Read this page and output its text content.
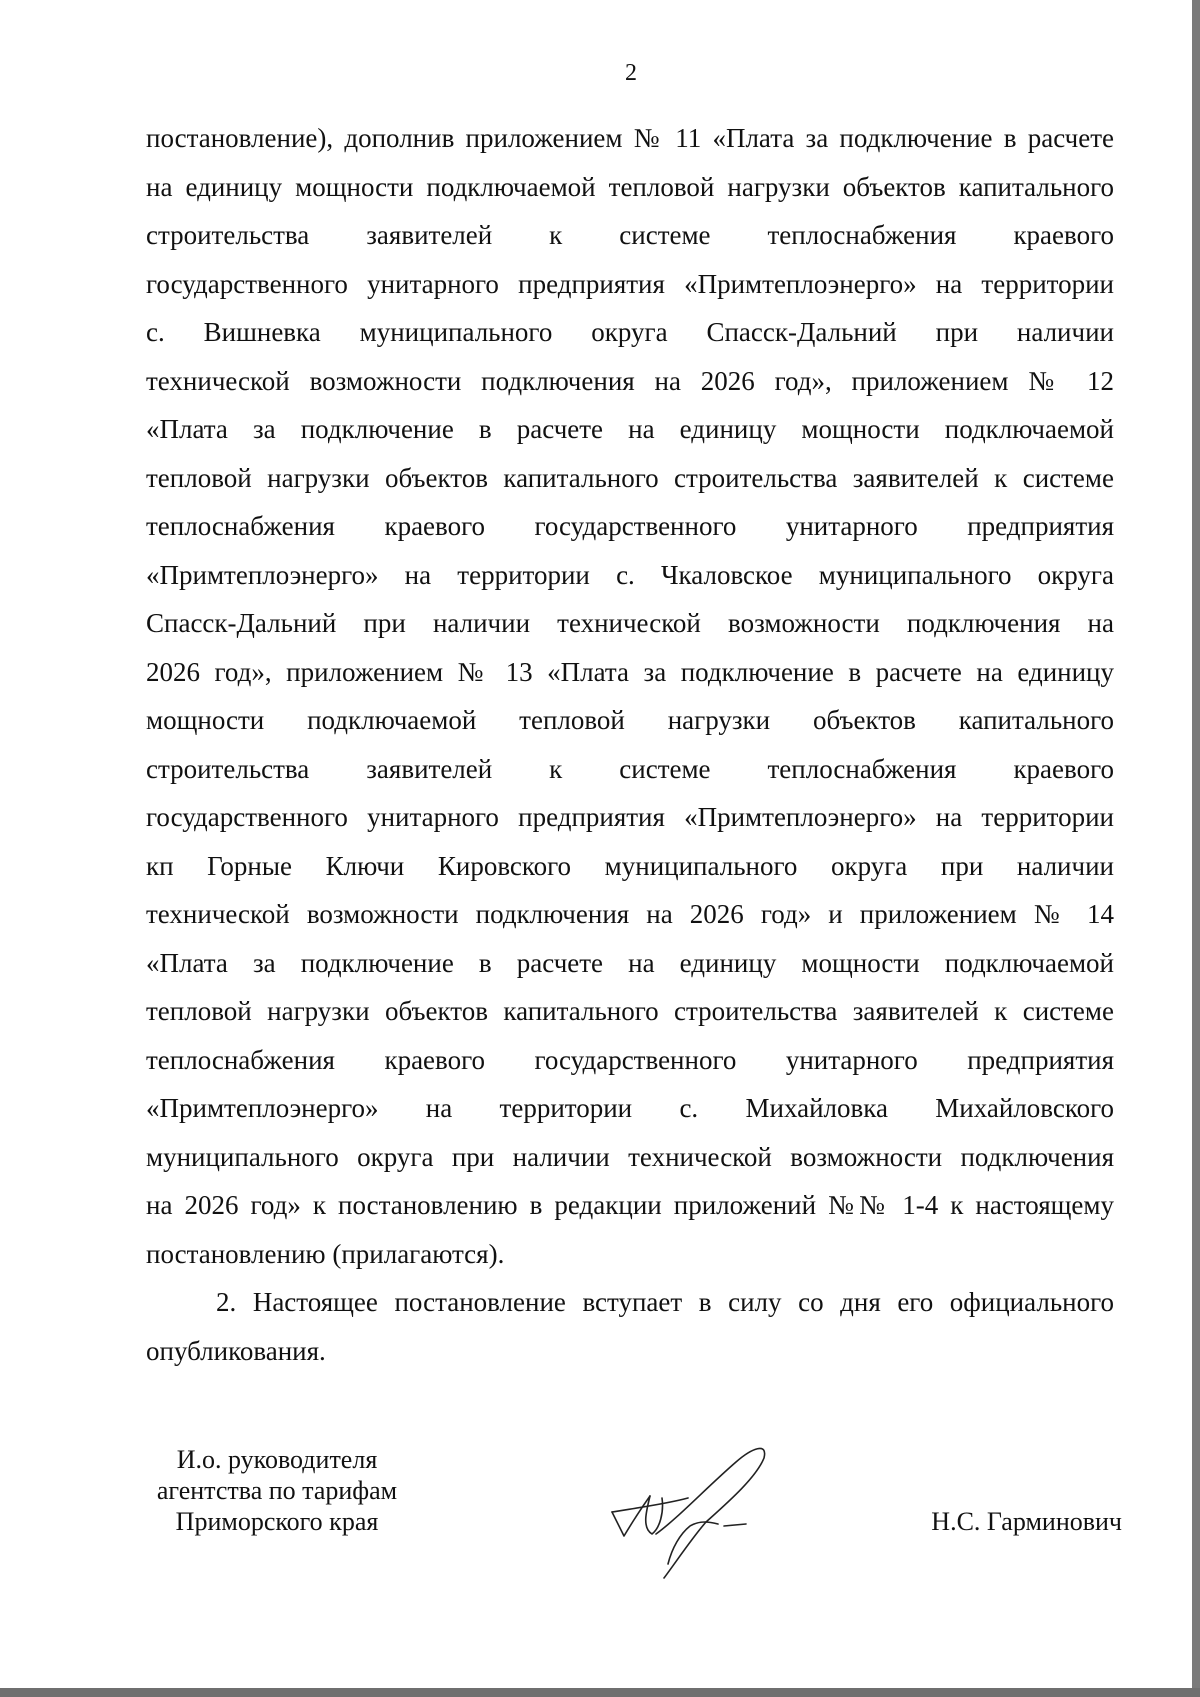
2
постановление), дополнив приложением № 11 «Плата за подключение в расчете
на единицу мощности подключаемой тепловой нагрузки объектов капитального
строительства заявителей к системе теплоснабжения краевого
государственного унитарного предприятия «Примтеплоэнерго» на территории
с. Вишневка муниципального округа Спасск-Дальний при наличии
технической возможности подключения на 2026 год», приложением № 12
«Плата за подключение в расчете на единицу мощности подключаемой
тепловой нагрузки объектов капитального строительства заявителей к системе
теплоснабжения краевого государственного унитарного предприятия
«Примтеплоэнерго» на территории с. Чкаловское муниципального округа
Спасск-Дальний при наличии технической возможности подключения на
2026 год», приложением № 13 «Плата за подключение в расчете на единицу
мощности подключаемой тепловой нагрузки объектов капитального
строительства заявителей к системе теплоснабжения краевого
государственного унитарного предприятия «Примтеплоэнерго» на территории
кп Горные Ключи Кировского муниципального округа при наличии
технической возможности подключения на 2026 год» и приложением № 14
«Плата за подключение в расчете на единицу мощности подключаемой
тепловой нагрузки объектов капитального строительства заявителей к системе
теплоснабжения краевого государственного унитарного предприятия
«Примтеплоэнерго» на территории с. Михайловка Михайловского
муниципального округа при наличии технической возможности подключения
на 2026 год» к постановлению в редакции приложений №№ 1-4 к настоящему
постановлению (прилагаются).
2. Настоящее постановление вступает в силу со дня его официального
опубликования.
И.о. руководителя
агентства по тарифам
Приморского края	Н.С. Гарминович
